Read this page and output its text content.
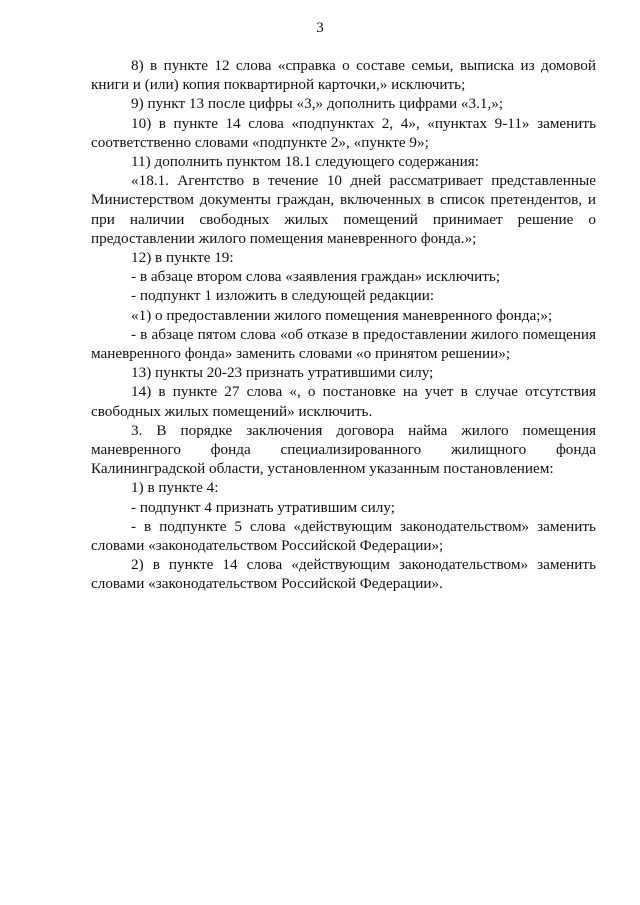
3

8) в пункте 12 слова «справка о составе семьи, выписка из домовой книги и (или) копия поквартирной карточки,» исключить;

9) пункт 13 после цифры «3,» дополнить цифрами «3.1,»;

10) в пункте 14 слова «подпунктах 2, 4», «пунктах 9-11» заменить соответственно словами «подпункте 2», «пункте 9»;

11) дополнить пунктом 18.1 следующего содержания:

«18.1. Агентство в течение 10 дней рассматривает представленные Министерством документы граждан, включенных в список претендентов, и при наличии свободных жилых помещений принимает решение о предоставлении жилого помещения маневренного фонда.»;

12) в пункте 19:

- в абзаце втором слова «заявления граждан» исключить;

- подпункт 1 изложить в следующей редакции:

«1) о предоставлении жилого помещения маневренного фонда;»;

- в абзаце пятом слова «об отказе в предоставлении жилого помещения маневренного фонда» заменить словами «о принятом решении»;

13) пункты 20-23 признать утратившими силу;

14) в пункте 27 слова «, о постановке на учет в случае отсутствия свободных жилых помещений» исключить.

3. В порядке заключения договора найма жилого помещения маневренного фонда специализированного жилищного фонда Калининградской области, установленном указанным постановлением:

1) в пункте 4:

- подпункт 4 признать утратившим силу;

- в подпункте 5 слова «действующим законодательством» заменить словами «законодательством Российской Федерации»;

2) в пункте 14 слова «действующим законодательством» заменить словами «законодательством Российской Федерации».
